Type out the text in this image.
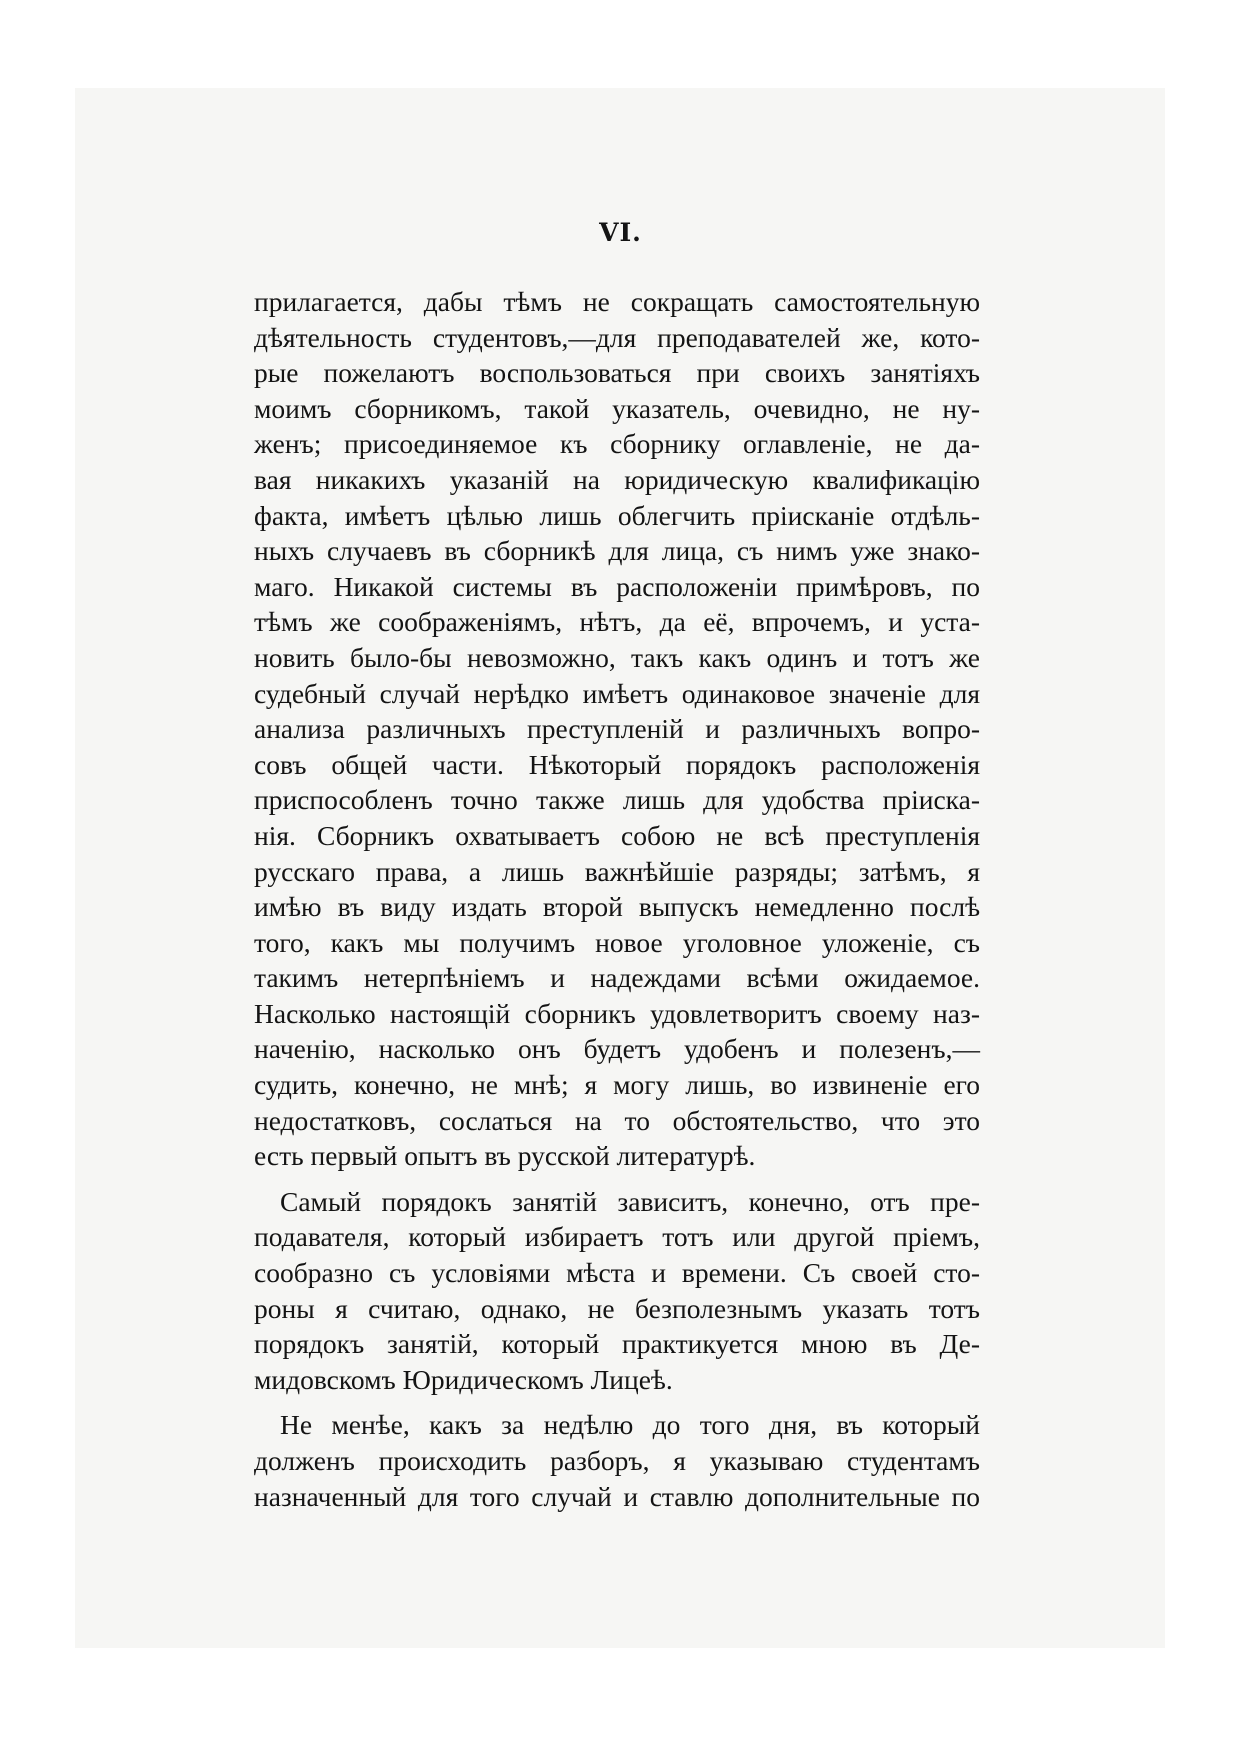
VI.

прилагается, дабы тѣмъ не сокращать самостоятельную
дѣятельность студентовъ,—для преподавателей же, кото-
рые пожелаютъ воспользоваться при своихъ занятіяхъ
моимъ сборникомъ, такой указатель, очевидно, не ну-
женъ; присоединяемое къ сборнику оглавленіе, не да-
вая никакихъ указаній на юридическую квалификацію
факта, имѣетъ цѣлью лишь облегчить прiисканіе отдѣль-
ныхъ случаевъ въ сборникѣ для лица, съ нимъ уже знако-
маго. Никакой системы въ расположеніи примѣровъ, по
тѣмъ же соображеніямъ, нѣтъ, да её, впрочемъ, и уста-
новить было-бы невозможно, такъ какъ одинъ и тотъ же
судебный случай нерѣдко имѣетъ одинаковое значеніе для
анализа различныхъ преступленій и различныхъ вопро-
совъ общей части. Нѣкоторый порядокъ расположенія
приспособленъ точно также лишь для удобства пріиска-
нія. Сборникъ охватываетъ собою не всѣ преступленія
русскаго права, а лишь важнѣйшіе разряды; затѣмъ, я
имѣю въ виду издать второй выпускъ немедленно послѣ
того, какъ мы получимъ новое уголовное уложеніе, съ
такимъ нетерпѣніемъ и надеждами всѣми ожидаемое.
Насколько настоящій сборникъ удовлетворитъ своему наз-
наченію, насколько онъ будетъ удобенъ и полезенъ,—
судить, конечно, не мнѣ; я могу лишь, во извиненіе его
недостатковъ, сослаться на то обстоятельство, что это
есть первый опытъ въ русской литературѣ.

Самый порядокъ занятій зависитъ, конечно, отъ пре-
подавателя, который избираетъ тотъ или другой пріемъ,
сообразно съ условіями мѣста и времени. Съ своей сто-
роны я считаю, однако, не безполезнымъ указать тотъ
порядокъ занятій, который практикуется мною въ Де-
мидовскомъ Юридическомъ Лицеѣ.

Не менѣе, какъ за недѣлю до того дня, въ который
долженъ происходить разборъ, я указываю студентамъ
назначенный для того случай и ставлю дополнительные по
